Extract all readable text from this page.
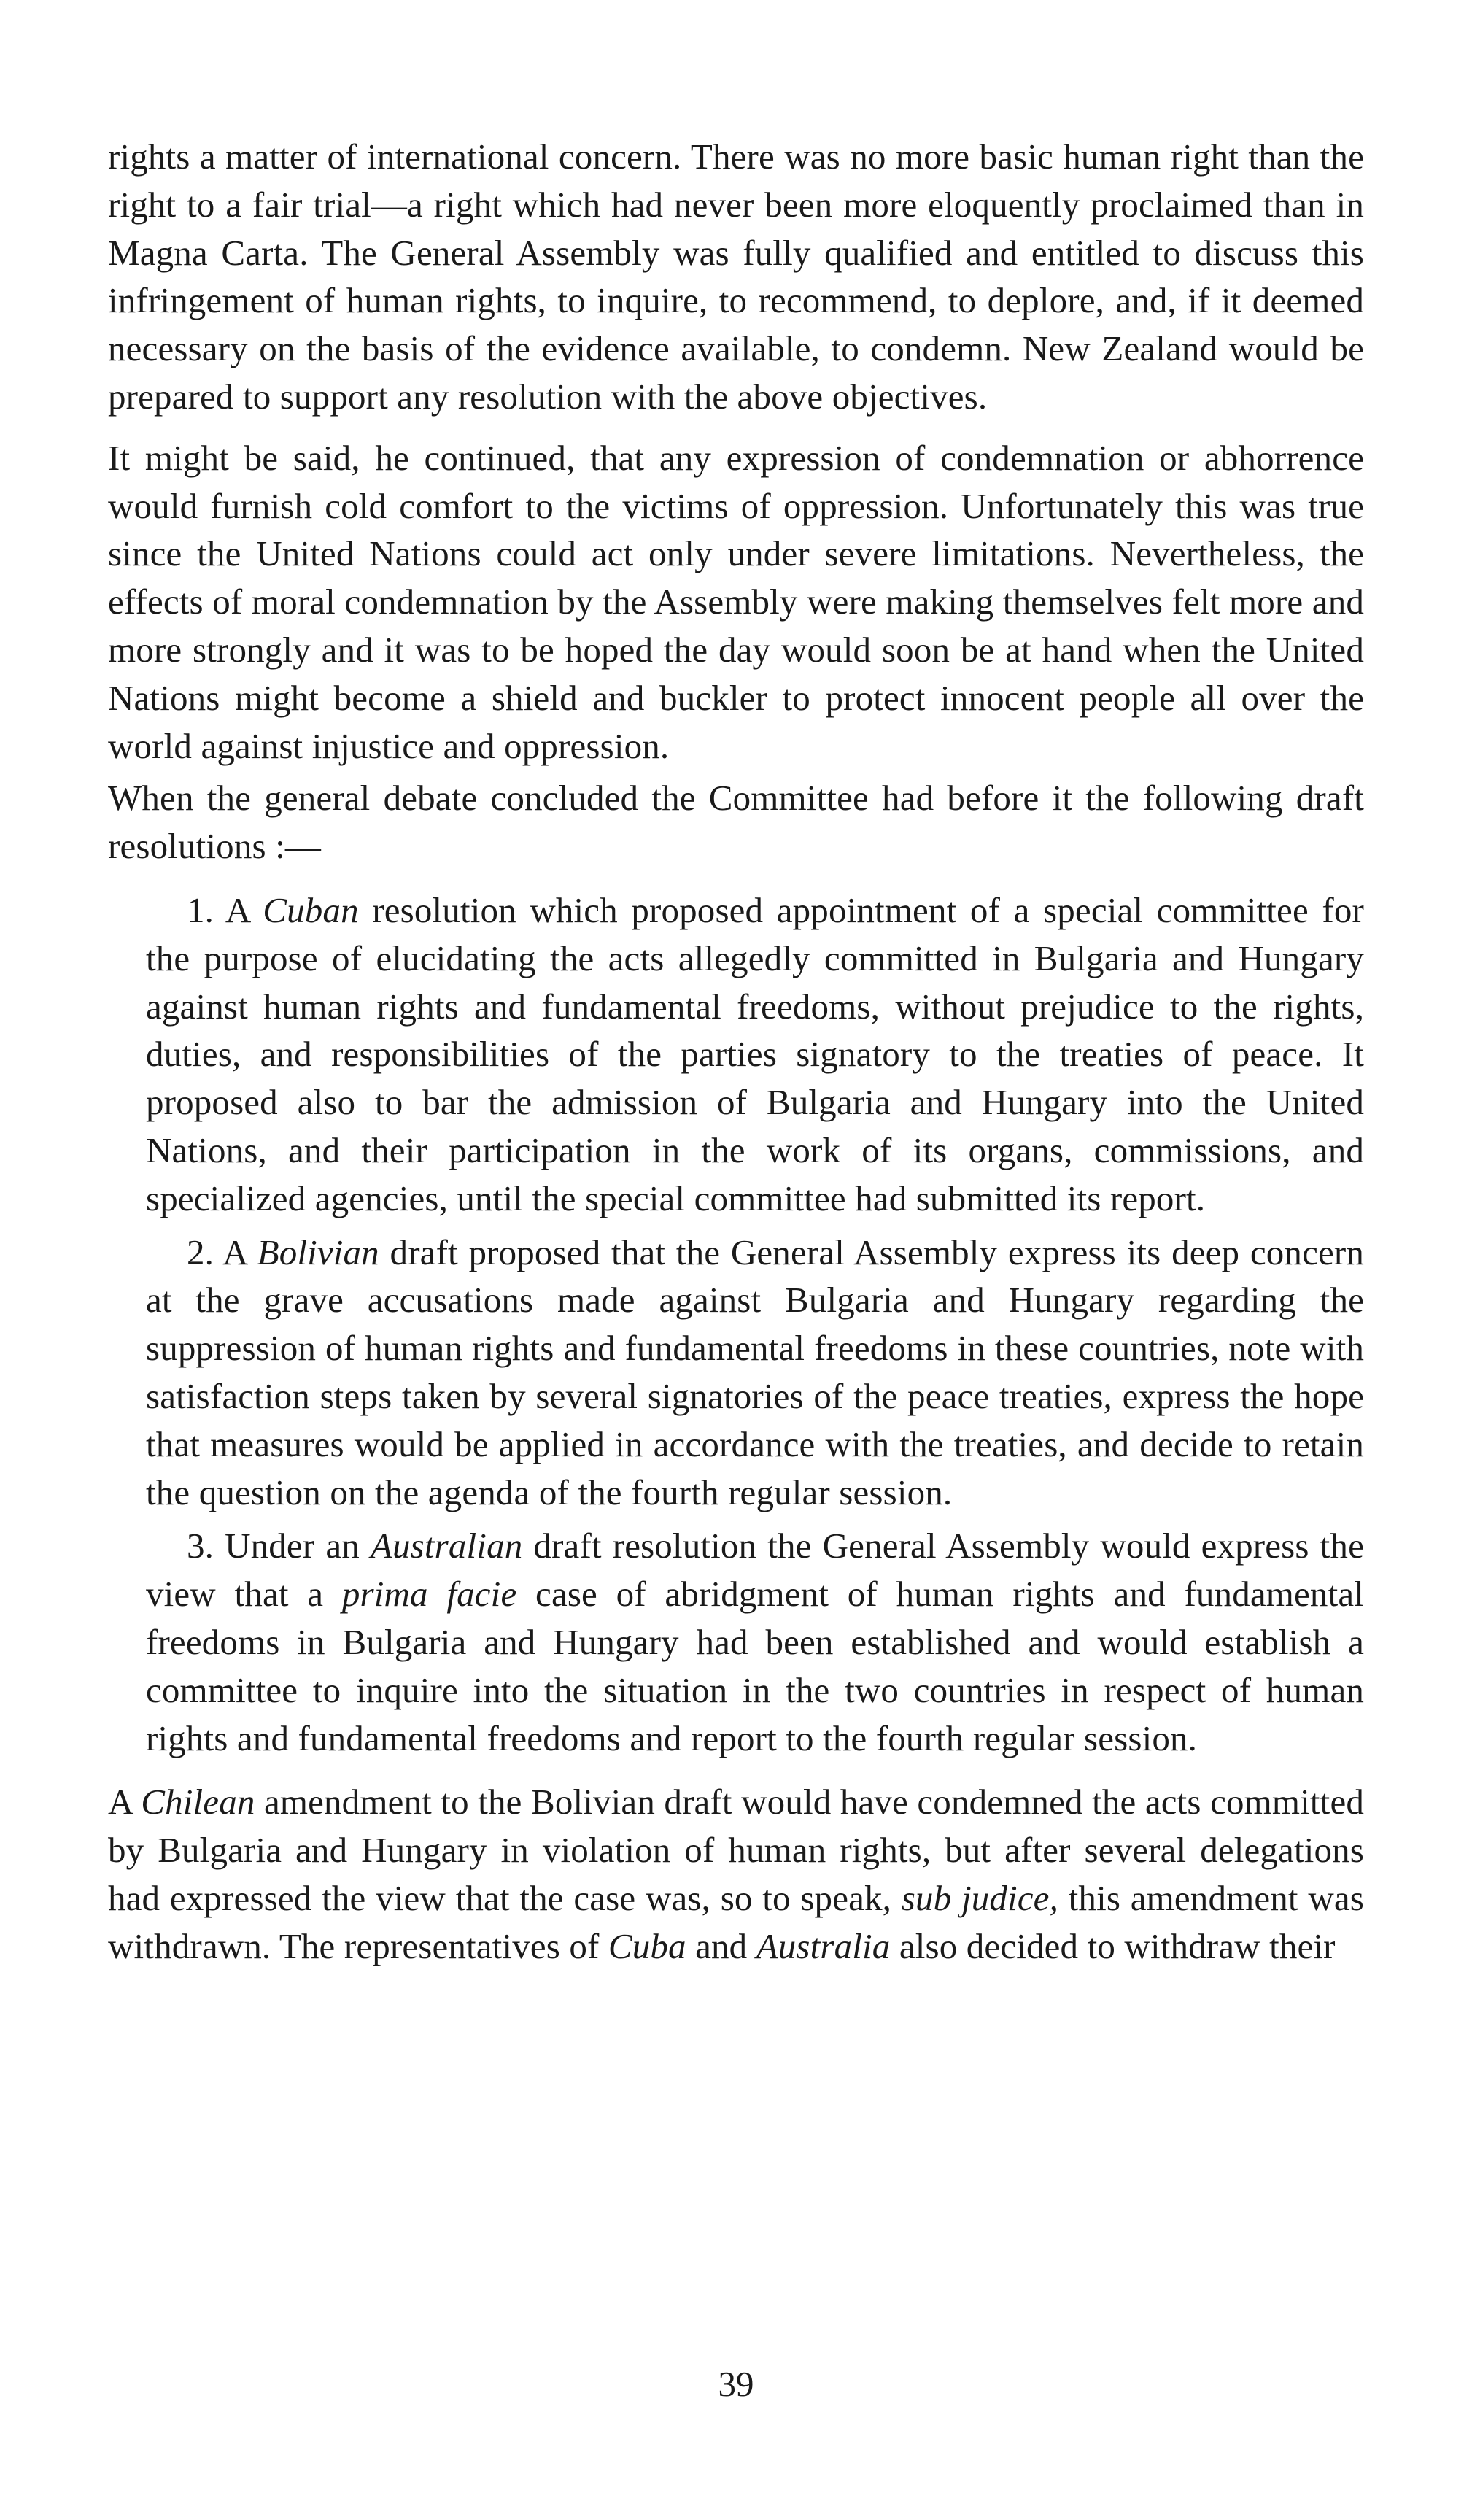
rights a matter of international concern. There was no more basic human right than the right to a fair trial—a right which had never been more eloquently proclaimed than in Magna Carta. The General Assembly was fully qualified and entitled to discuss this infringement of human rights, to inquire, to recommend, to deplore, and, if it deemed necessary on the basis of the evidence available, to condemn. New Zealand would be prepared to support any resolution with the above objectives.

It might be said, he continued, that any expression of condemnation or abhorrence would furnish cold comfort to the victims of oppression. Unfortunately this was true since the United Nations could act only under severe limitations. Nevertheless, the effects of moral condemnation by the Assembly were making themselves felt more and more strongly and it was to be hoped the day would soon be at hand when the United Nations might become a shield and buckler to protect innocent people all over the world against injustice and oppression.

When the general debate concluded the Committee had before it the following draft resolutions :—

1. A Cuban resolution which proposed appointment of a special committee for the purpose of elucidating the acts allegedly committed in Bulgaria and Hungary against human rights and fundamental freedoms, without prejudice to the rights, duties, and responsibilities of the parties signatory to the treaties of peace. It proposed also to bar the admission of Bulgaria and Hungary into the United Nations, and their participation in the work of its organs, commissions, and specialized agencies, until the special committee had submitted its report.

2. A Bolivian draft proposed that the General Assembly express its deep concern at the grave accusations made against Bulgaria and Hungary regarding the suppression of human rights and fundamental freedoms in these countries, note with satisfaction steps taken by several signatories of the peace treaties, express the hope that measures would be applied in accordance with the treaties, and decide to retain the question on the agenda of the fourth regular session.

3. Under an Australian draft resolution the General Assembly would express the view that a prima facie case of abridgment of human rights and fundamental freedoms in Bulgaria and Hungary had been established and would establish a committee to inquire into the situation in the two countries in respect of human rights and fundamental freedoms and report to the fourth regular session.

A Chilean amendment to the Bolivian draft would have condemned the acts committed by Bulgaria and Hungary in violation of human rights, but after several delegations had expressed the view that the case was, so to speak, sub judice, this amendment was withdrawn. The representatives of Cuba and Australia also decided to withdraw their

39
